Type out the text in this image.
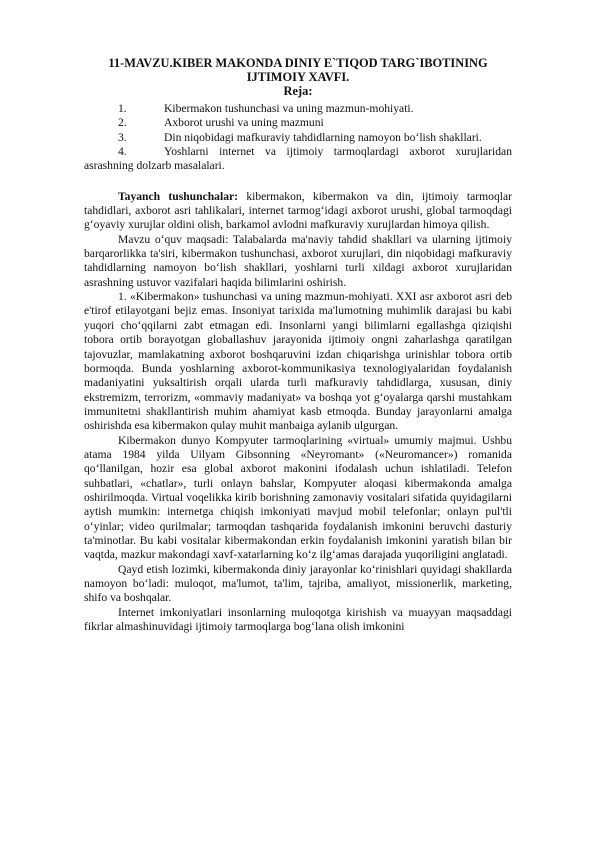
11-MAVZU.KIBER MAKONDA DINIY E`TIQOD TARG`IBOTINING

IJTIMOIY XAVFI.

Reja:

1.	Kibermakon tushunchasi va uning mazmun-mohiyati.
2.	Axborot urushi va uning mazmuni
3.	Din niqobidagi mafkuraviy tahdidlarning namoyon bo‘lish shakllari.
4.	Yoshlarni internet va ijtimoiy tarmoqlardagi axborot xurujlaridan

asrashning dolzarb masalalari.

Tayanch tushunchalar: kibermakon, kibermakon va din, ijtimoiy tarmoqlar tahdidlari, axborot asri tahlikalari, internet tarmog‘idagi axborot urushi, global tarmoqdagi g‘oyaviy xurujlar oldini olish, barkamol avlodni mafkuraviy xurujlardan himoya qilish.

Mavzu o‘quv maqsadi: Talabalarda ma'naviy tahdid shakllari va ularning ijtimoiy barqarorlikka ta'siri, kibermakon tushunchasi, axborot xurujlari, din niqobidagi mafkuraviy tahdidlarning namoyon bo‘lish shakllari, yoshlarni turli xildagi axborot xurujlaridan asrashning ustuvor vazifalari haqida bilimlarini oshirish.

1. «Kibermakon» tushunchasi va uning mazmun-mohiyati. XXI asr axborot asri deb e'tirof etilayotgani bejiz emas. Insoniyat tarixida ma'lumotning muhimlik darajasi bu kabi yuqori cho‘qqilarni zabt etmagan edi. Insonlarni yangi bilimlarni egallashga qiziqishi tobora ortib borayotgan globallashuv jarayonida ijtimoiy ongni zaharlashga qaratilgan tajovuzlar, mamlakatning axborot boshqaruvini izdan chiqarishga urinishlar tobora ortib bormoqda. Bunda yoshlarning axborot-kommunikasiya texnologiyalaridan foydalanish madaniyatini yuksaltirish orqali ularda turli mafkuraviy tahdidlarga, xususan, diniy ekstremizm, terrorizm, «ommaviy madaniyat» va boshqa yot g‘oyalarga qarshi mustahkam immunitetni shakllantirish muhim ahamiyat kasb etmoqda. Bunday jarayonlarni amalga oshirishda esa kibermakon qulay muhit manbaiga aylanib ulgurgan.

Kibermakon dunyo Kompyuter tarmoqlarining «virtual» umumiy majmui. Ushbu atama 1984 yilda Uilyam Gibsonning «Neyromant» («Neuromancer») romanida qo‘llanilgan, hozir esa global axborot makonini ifodalash uchun ishlatiladi. Telefon suhbatlari, «chatlar», turli onlayn bahslar, Kompyuter aloqasi kibermakonda amalga oshirilmoqda. Virtual voqelikka kirib borishning zamonaviy vositalari sifatida quyidagilarni aytish mumkin: internetga chiqish imkoniyati mavjud mobil telefonlar; onlayn pul'tli o‘yinlar; video qurilmalar; tarmoqdan tashqarida foydalanish imkonini beruvchi dasturiy ta'minotlar. Bu kabi vositalar kibermakondan erkin foydalanish imkonini yaratish bilan bir vaqtda, mazkur makondagi xavf-xatarlarning ko‘z ilg‘amas darajada yuqoriligini anglatadi.

Qayd etish lozimki, kibermakonda diniy jarayonlar ko‘rinishlari quyidagi shakllarda namoyon bo‘ladi: muloqot, ma'lumot, ta'lim, tajriba, amaliyot, missionerlik, marketing, shifo va boshqalar.

Internet imkoniyatlari insonlarning muloqotga kirishish va muayyan maqsaddagi fikrlar almashinuvidagi ijtimoiy tarmoqlarga bog‘lana olish imkonini
